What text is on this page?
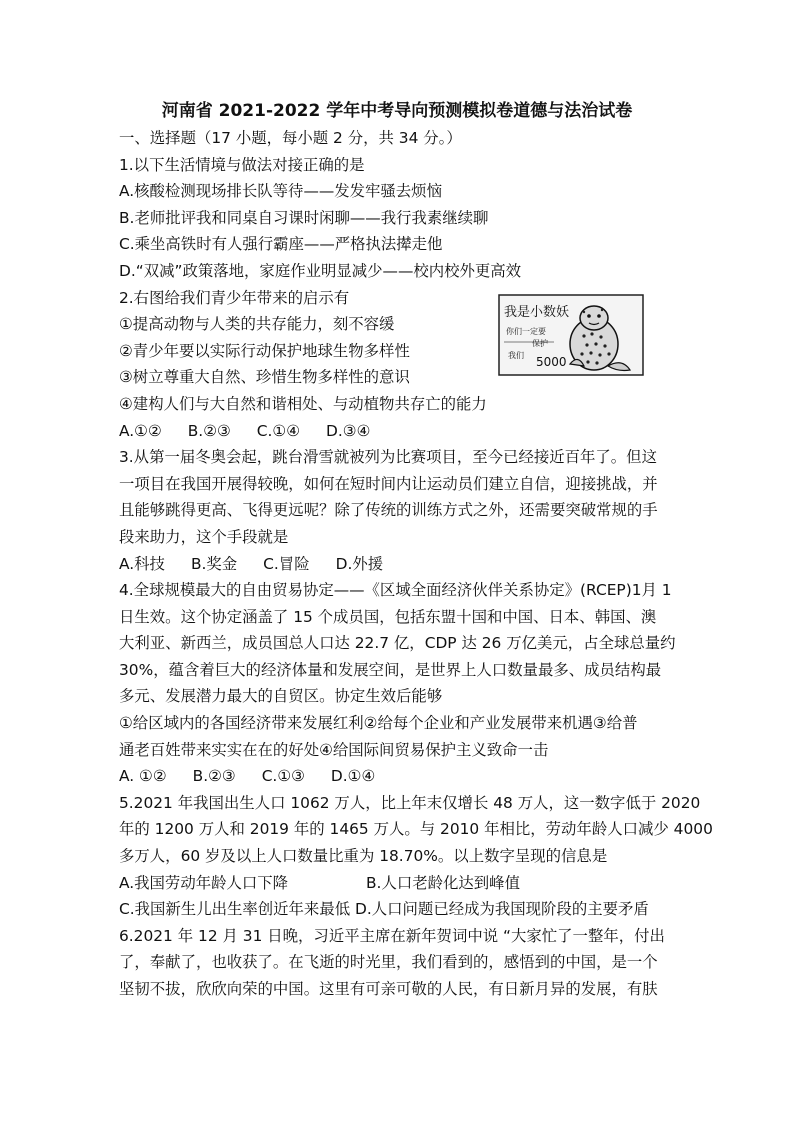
河南省 2021-2022 学年中考导向预测模拟卷道德与法治试卷
一、选择题（17 小题，每小题 2 分，共 34 分。）
1.以下生活情境与做法对接正确的是
A.核酸检测现场排长队等待——发发牢骚去烦恼
B.老师批评我和同桌自习课时闲聊——我行我素继续聊
C.乘坐高铁时有人强行霸座——严格执法撵走他
D.“双减”政策落地，家庭作业明显减少——校内校外更高效
2.右图给我们青少年带来的启示有
①提高动物与人类的共存能力，刻不容缓
②青少年要以实际行动保护地球生物多样性
③树立尊重大自然、珍惜生物多样性的意识
④建构人们与大自然和谐相处、与动植物共存亡的能力
A.①② B.②③ C.①④ D.③④
3.从第一届冬奥会起，跳台滑雪就被列为比赛项目，至今已经接近百年了。但这
一项目在我国开展得较晚，如何在短时间内让运动员们建立自信，迎接挑战，并
且能够跳得更高、飞得更远呢？除了传统的训练方式之外，还需要突破常规的手
段来助力，这个手段就是
A.科技 B.奖金 C.冒险 D.外援
4.全球规模最大的自由贸易协定——《区域全面经济伙伴关系协定》(RCEP)1月 1
日生效。这个协定涵盖了 15 个成员国，包括东盟十国和中国、日本、韩国、澳
大利亚、新西兰，成员国总人口达 22.7 亿，CDP 达 26 万亿美元，占全球总量约
30%，蕴含着巨大的经济体量和发展空间，是世界上人口数量最多、成员结构最
多元、发展潜力最大的自贸区。协定生效后能够
①给区域内的各国经济带来发展红利②给每个企业和产业发展带来机遇③给普
通老百姓带来实实在在的好处④给国际间贸易保护主义致命一击
A. ①② B.②③ C.①③ D.①④
5.2021 年我国出生人口 1062 万人，比上年末仅增长 48 万人，这一数字低于 2020
年的 1200 万人和 2019 年的 1465 万人。与 2010 年相比，劳动年龄人口减少 4000
多万人，60 岁及以上人口数量比重为 18.70%。以上数字呈现的信息是
A.我国劳动年龄人口下降	B.人口老龄化达到峰值
C.我国新生儿出生率创近年来最低 D.人口问题已经成为我国现阶段的主要矛盾
6.2021 年 12 月 31 日晚，习近平主席在新年贺词中说 “大家忙了一整年，付出
了，奉献了，也收获了。在飞逝的时光里，我们看到的，感悟到的中国，是一个
坚韧不拔，欣欣向荣的中国。这里有可亲可敬的人民，有日新月异的发展，有肤
我是小数妖
你们一定要
保护
我们 5000
